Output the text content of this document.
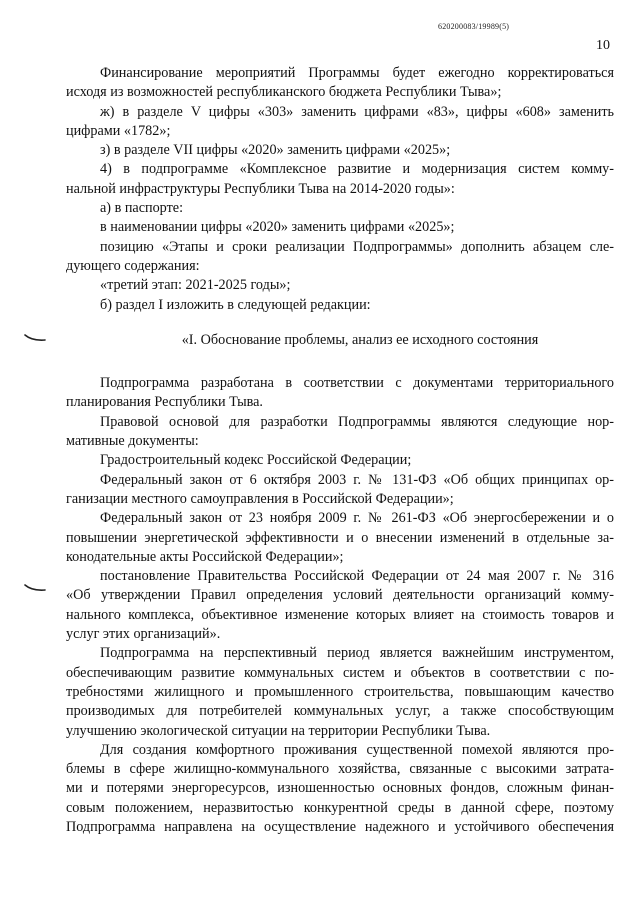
620200083/19989(5)
10
Финансирование мероприятий Программы будет ежегодно корректироваться
исходя из возможностей республиканского бюджета Республики Тыва»;
ж) в разделе V цифры «303» заменить цифрами «83», цифры «608» заменить
цифрами «1782»;
з) в разделе VII цифры «2020» заменить цифрами «2025»;
4) в подпрограмме «Комплексное развитие и модернизация систем комму-
нальной инфраструктуры Республики Тыва на 2014-2020 годы»:
а) в паспорте:
в наименовании цифры «2020» заменить цифрами «2025»;
позицию «Этапы и сроки реализации Подпрограммы» дополнить абзацем сле-
дующего содержания:
«третий этап: 2021-2025 годы»;
б) раздел I изложить в следующей редакции:
«I. Обоснование проблемы, анализ ее исходного состояния
Подпрограмма разработана в соответствии с документами территориального
планирования Республики Тыва.
Правовой основой для разработки Подпрограммы являются следующие нор-
мативные документы:
Градостроительный кодекс Российской Федерации;
Федеральный закон от 6 октября 2003 г. № 131-ФЗ «Об общих принципах ор-
ганизации местного самоуправления в Российской Федерации»;
Федеральный закон от 23 ноября 2009 г. № 261-ФЗ «Об энергосбережении и о
повышении энергетической эффективности и о внесении изменений в отдельные за-
конодательные акты Российской Федерации»;
постановление Правительства Российской Федерации от 24 мая 2007 г. № 316
«Об утверждении Правил определения условий деятельности организаций комму-
нального комплекса, объективное изменение которых влияет на стоимость товаров и
услуг этих организаций».
Подпрограмма на перспективный период является важнейшим инструментом,
обеспечивающим развитие коммунальных систем и объектов в соответствии с по-
требностями жилищного и промышленного строительства, повышающим качество
производимых для потребителей коммунальных услуг, а также способствующим
улучшению экологической ситуации на территории Республики Тыва.
Для создания комфортного проживания существенной помехой являются про-
блемы в сфере жилищно-коммунального хозяйства, связанные с высокими затрата-
ми и потерями энергоресурсов, изношенностью основных фондов, сложным финан-
совым положением, неразвитостью конкурентной среды в данной сфере, поэтому
Подпрограмма направлена на осуществление надежного и устойчивого обеспечения
